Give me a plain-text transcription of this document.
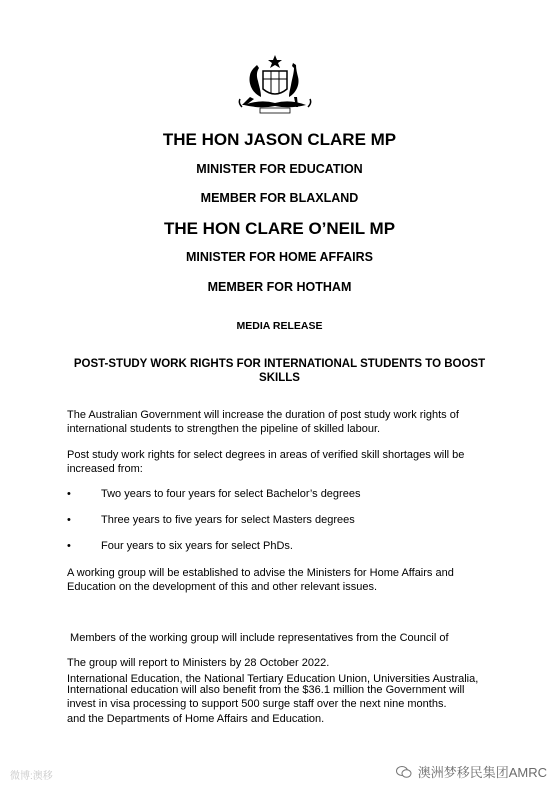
THE HON JASON CLARE MP
MINISTER FOR EDUCATION
MEMBER FOR BLAXLAND
THE HON CLARE O’NEIL MP
MINISTER FOR HOME AFFAIRS
MEMBER FOR HOTHAM
MEDIA RELEASE
POST-STUDY WORK RIGHTS FOR INTERNATIONAL STUDENTS TO BOOST
SKILLS
The Australian Government will increase the duration of post study work rights of
international students to strengthen the pipeline of skilled labour.
Post study work rights for select degrees in areas of verified skill shortages will be
increased from:
•	Two years to four years for select Bachelor’s degrees
•	Three years to five years for select Masters degrees
•	Four years to six years for select PhDs.
A working group will be established to advise the Ministers for Home Affairs and
Education on the development of this and other relevant issues.

Members of the working group will include representatives from the Council of

International Education, the National Tertiary Education Union, Universities Australia,

and the Departments of Home Affairs and Education.

The group will report to Ministers by 28 October 2022.
International education will also benefit from the $36.1 million the Government will
invest in visa processing to support 500 surge staff over the next nine months.
微博:澳移	澳洲梦移民集团AMRC
